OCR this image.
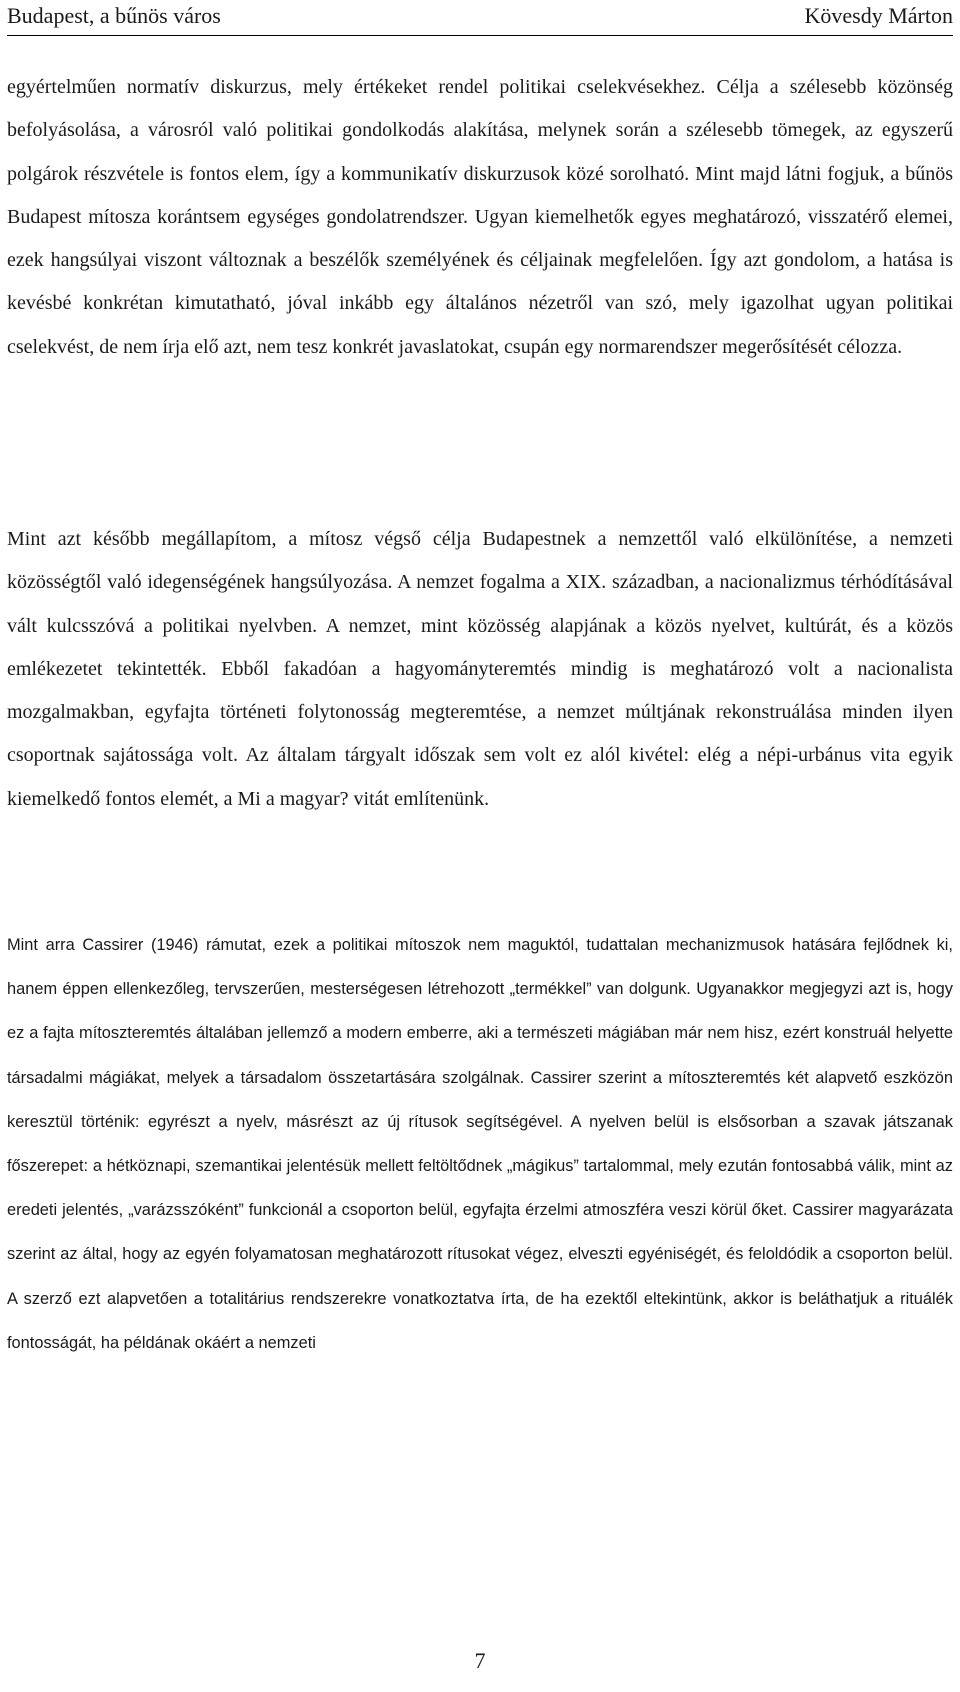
Budapest, a bűnös város	Kövesdy Márton

egyértelműen normatív diskurzus, mely értékeket rendel politikai cselekvésekhez. Célja a szélesebb közönség befolyásolása, a városról való politikai gondolkodás alakítása, melynek során a szélesebb tömegek, az egyszerű polgárok részvétele is fontos elem, így a kommunikatív diskurzusok közé sorolható. Mint majd látni fogjuk, a bűnös Budapest mítosza korántsem egységes gondolatrendszer. Ugyan kiemelhetők egyes meghatározó, visszatérő elemei, ezek hangsúlyai viszont változnak a beszélők személyének és céljainak megfelelően. Így azt gondolom, a hatása is kevésbé konkrétan kimutatható, jóval inkább egy általános nézetről van szó, mely igazolhat ugyan politikai cselekvést, de nem írja elő azt, nem tesz konkrét javaslatokat, csupán egy normarendszer megerősítését célozza.

Mint azt később megállapítom, a mítosz végső célja Budapestnek a nemzettől való elkülönítése, a nemzeti közösségtől való idegenségének hangsúlyozása. A nemzet fogalma a XIX. században, a nacionalizmus térhódításával vált kulcsszóvá a politikai nyelvben. A nemzet, mint közösség alapjának a közös nyelvet, kultúrát, és a közös emlékezetet tekintették. Ebből fakadóan a hagyományteremtés mindig is meghatározó volt a nacionalista mozgalmakban, egyfajta történeti folytonosság megteremtése, a nemzet múltjának rekonstruálása minden ilyen csoportnak sajátossága volt. Az általam tárgyalt időszak sem volt ez alól kivétel: elég a népi-urbánus vita egyik kiemelkedő fontos elemét, a Mi a magyar? vitát említenünk.

Mint arra Cassirer (1946) rámutat, ezek a politikai mítoszok nem maguktól, tudattalan mechanizmusok hatására fejlődnek ki, hanem éppen ellenkezőleg, tervszerűen, mesterségesen létrehozott „termékkel” van dolgunk. Ugyanakkor megjegyzi azt is, hogy ez a fajta mítoszteremtés általában jellemző a modern emberre, aki a természeti mágiában már nem hisz, ezért konstruál helyette társadalmi mágiákat, melyek a társadalom összetartására szolgálnak. Cassirer szerint a mítoszteremtés két alapvető eszközön keresztül történik: egyrészt a nyelv, másrészt az új rítusok segítségével. A nyelven belül is elsősorban a szavak játszanak főszerepet: a hétköznapi, szemantikai jelentésük mellett feltöltődnek „mágikus” tartalommal, mely ezután fontosabbá válik, mint az eredeti jelentés, „varázsszóként” funkcionál a csoporton belül, egyfajta érzelmi atmoszféra veszi körül őket. Cassirer magyarázata szerint az által, hogy az egyén folyamatosan meghatározott rítusokat végez, elveszti egyéniségét, és feloldódik a csoporton belül. A szerző ezt alapvetően a totalitárius rendszerekre vonatkoztatva írta, de ha ezektől eltekintünk, akkor is beláthatjuk a rituálék fontosságát, ha példának okáért a nemzeti

7
